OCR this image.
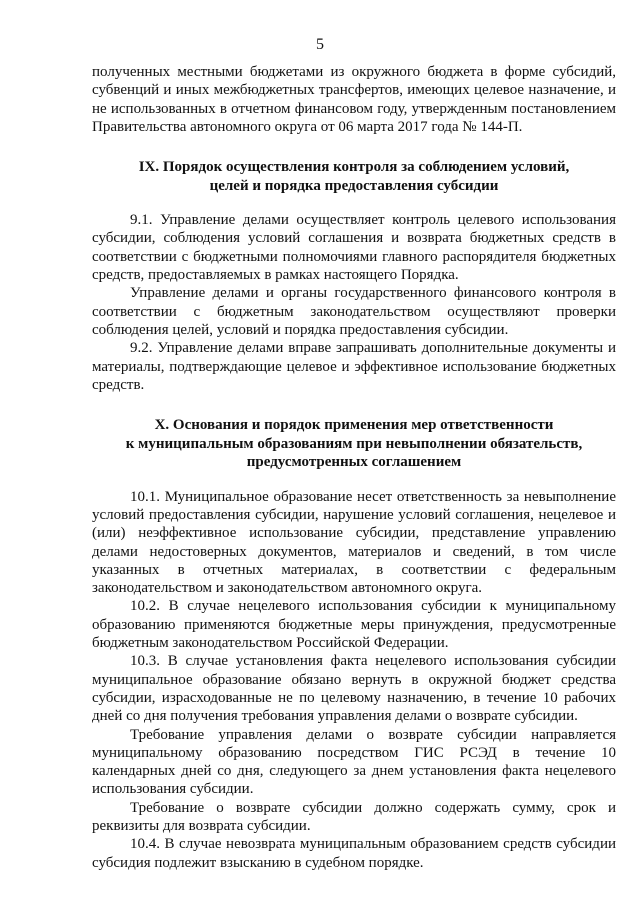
5

полученных местными бюджетами из окружного бюджета в форме субсидий, субвенций и иных межбюджетных трансфертов, имеющих целевое назначение, и не использованных в отчетном финансовом году, утвержденным постановлением Правительства автономного округа от 06 марта 2017 года № 144-П.

IX. Порядок осуществления контроля за соблюдением условий,
целей и порядка предоставления субсидии

9.1. Управление делами осуществляет контроль целевого использования субсидии, соблюдения условий соглашения и возврата бюджетных средств в соответствии с бюджетными полномочиями главного распорядителя бюджетных средств, предоставляемых в рамках настоящего Порядка.

Управление делами и органы государственного финансового контроля в соответствии с бюджетным законодательством осуществляют проверки соблюдения целей, условий и порядка предоставления субсидии.

9.2. Управление делами вправе запрашивать дополнительные документы и материалы, подтверждающие целевое и эффективное использование бюджетных средств.

X. Основания и порядок применения мер ответственности
к муниципальным образованиям при невыполнении обязательств,
предусмотренных соглашением

10.1. Муниципальное образование несет ответственность за невыполнение условий предоставления субсидии, нарушение условий соглашения, нецелевое и (или) неэффективное использование субсидии, представление управлению делами недостоверных документов, материалов и сведений, в том числе указанных в отчетных материалах, в соответствии с федеральным законодательством и законодательством автономного округа.

10.2. В случае нецелевого использования субсидии к муниципальному образованию применяются бюджетные меры принуждения, предусмотренные бюджетным законодательством Российской Федерации.

10.3. В случае установления факта нецелевого использования субсидии муниципальное образование обязано вернуть в окружной бюджет средства субсидии, израсходованные не по целевому назначению, в течение 10 рабочих дней со дня получения требования управления делами о возврате субсидии.

Требование управления делами о возврате субсидии направляется муниципальному образованию посредством ГИС РСЭД в течение 10 календарных дней со дня, следующего за днем установления факта нецелевого использования субсидии.

Требование о возврате субсидии должно содержать сумму, срок и реквизиты для возврата субсидии.

10.4. В случае невозврата муниципальным образованием средств субсидии субсидия подлежит взысканию в судебном порядке.
